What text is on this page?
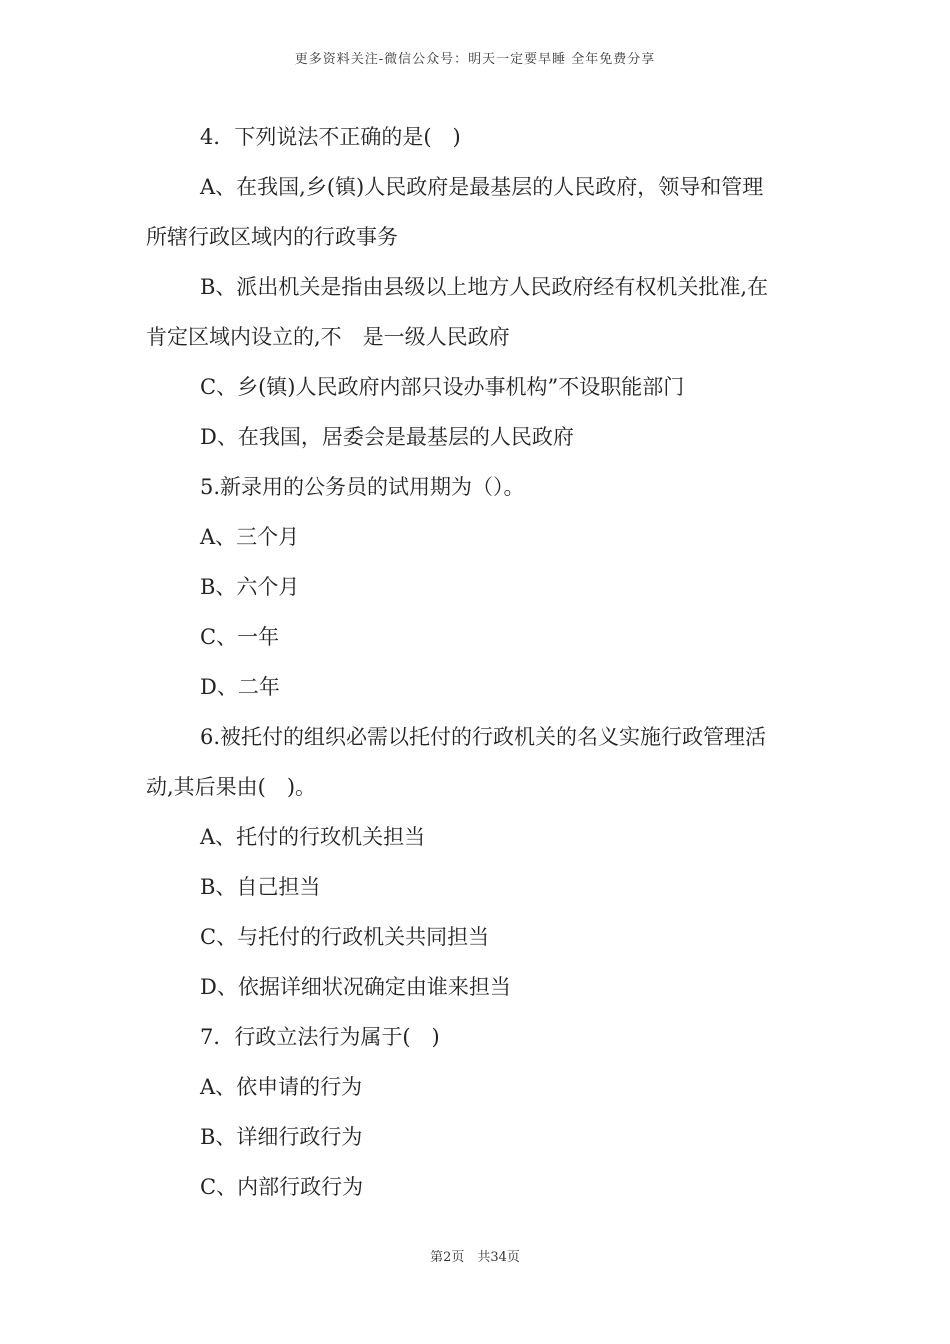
更多资料关注-微信公众号：明天一定要早睡 全年免费分享
4．下列说法不正确的是(　)
A、在我国,乡(镇)人民政府是最基层的人民政府，领导和管理
所辖行政区域内的行政事务
B、派出机关是指由县级以上地方人民政府经有权机关批准,在
肯定区域内设立的,不　是一级人民政府
C、乡(镇)人民政府内部只设办事机构”不设职能部门
D、在我国，居委会是最基层的人民政府
5.新录用的公务员的试用期为（）。
A、三个月
B、六个月
C、一年
D、二年
6.被托付的组织必需以托付的行政机关的名义实施行政管理活
动,其后果由(　)。
A、托付的行玫机关担当
B、自己担当
C、与托付的行政机关共同担当
D、依据详细状况确定由谁来担当
7．行政立法行为属于(　)
A、依申请的行为
B、详细行政行为
C、内部行政行为
第2页　共34页
